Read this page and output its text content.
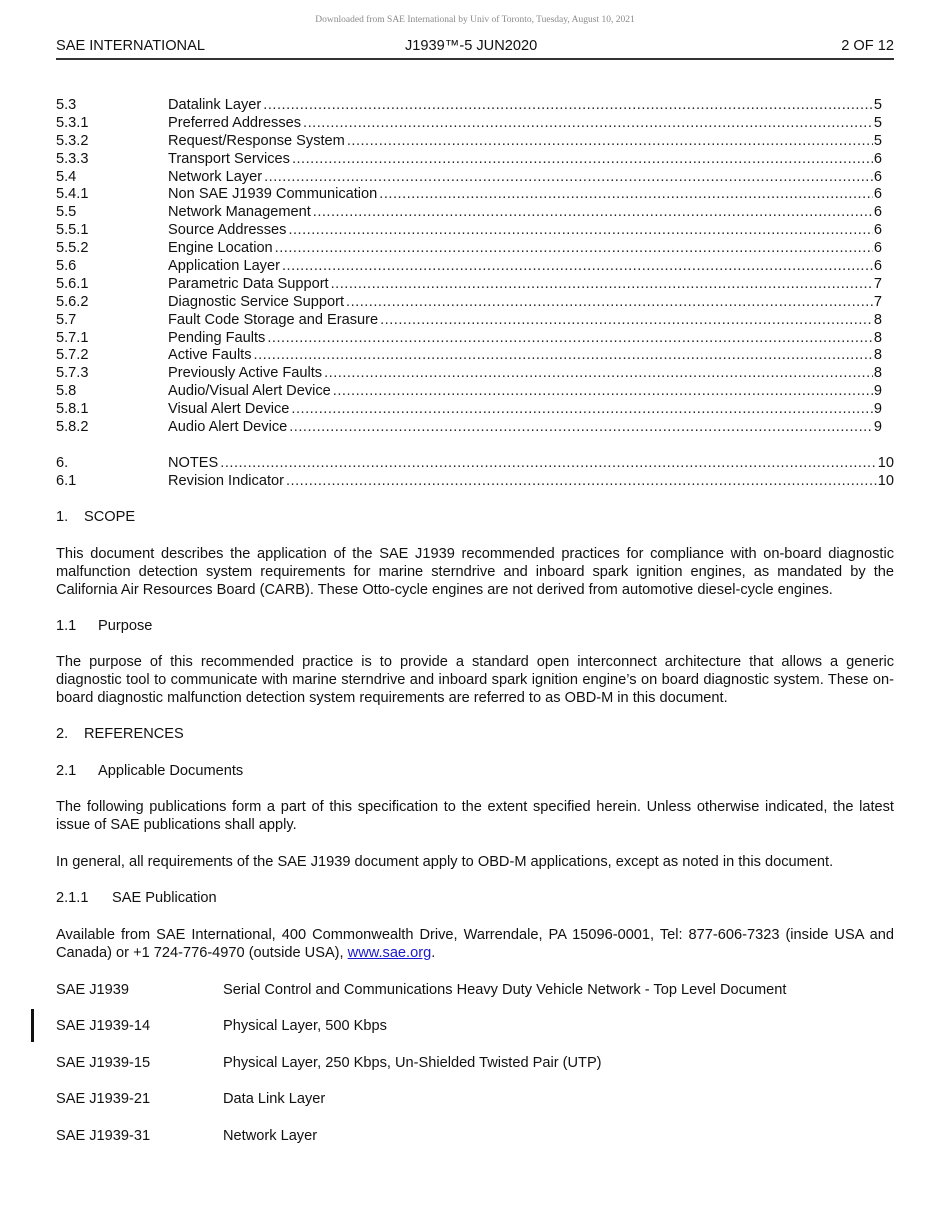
Downloaded from SAE International by Univ of Toronto, Tuesday, August 10, 2021
SAE INTERNATIONAL	J1939™-5 JUN2020	2 OF 12
5.3	Datalink Layer .....	5
5.3.1	Preferred Addresses .....	5
5.3.2	Request/Response System .....	5
5.3.3	Transport Services .....	6
5.4	Network Layer .....	6
5.4.1	Non SAE J1939 Communication .....	6
5.5	Network Management .....	6
5.5.1	Source Addresses .....	6
5.5.2	Engine Location .....	6
5.6	Application Layer .....	6
5.6.1	Parametric Data Support .....	7
5.6.2	Diagnostic Service Support .....	7
5.7	Fault Code Storage and Erasure .....	8
5.7.1	Pending Faults .....	8
5.7.2	Active Faults .....	8
5.7.3	Previously Active Faults .....	8
5.8	Audio/Visual Alert Device .....	9
5.8.1	Visual Alert Device .....	9
5.8.2	Audio Alert Device .....	9
6.	NOTES .....	10
6.1	Revision Indicator .....	10
1. SCOPE
This document describes the application of the SAE J1939 recommended practices for compliance with on-board diagnostic malfunction detection system requirements for marine sterndrive and inboard spark ignition engines, as mandated by the California Air Resources Board (CARB). These Otto-cycle engines are not derived from automotive diesel-cycle engines.
1.1 Purpose
The purpose of this recommended practice is to provide a standard open interconnect architecture that allows a generic diagnostic tool to communicate with marine sterndrive and inboard spark ignition engine’s on board diagnostic system. These on-board diagnostic malfunction detection system requirements are referred to as OBD-M in this document.
2. REFERENCES
2.1 Applicable Documents
The following publications form a part of this specification to the extent specified herein. Unless otherwise indicated, the latest issue of SAE publications shall apply.
In general, all requirements of the SAE J1939 document apply to OBD-M applications, except as noted in this document.
2.1.1 SAE Publication
Available from SAE International, 400 Commonwealth Drive, Warrendale, PA 15096-0001, Tel: 877-606-7323 (inside USA and Canada) or +1 724-776-4970 (outside USA), www.sae.org.
SAE J1939	Serial Control and Communications Heavy Duty Vehicle Network - Top Level Document
SAE J1939-14	Physical Layer, 500 Kbps
SAE J1939-15	Physical Layer, 250 Kbps, Un-Shielded Twisted Pair (UTP)
SAE J1939-21	Data Link Layer
SAE J1939-31	Network Layer
